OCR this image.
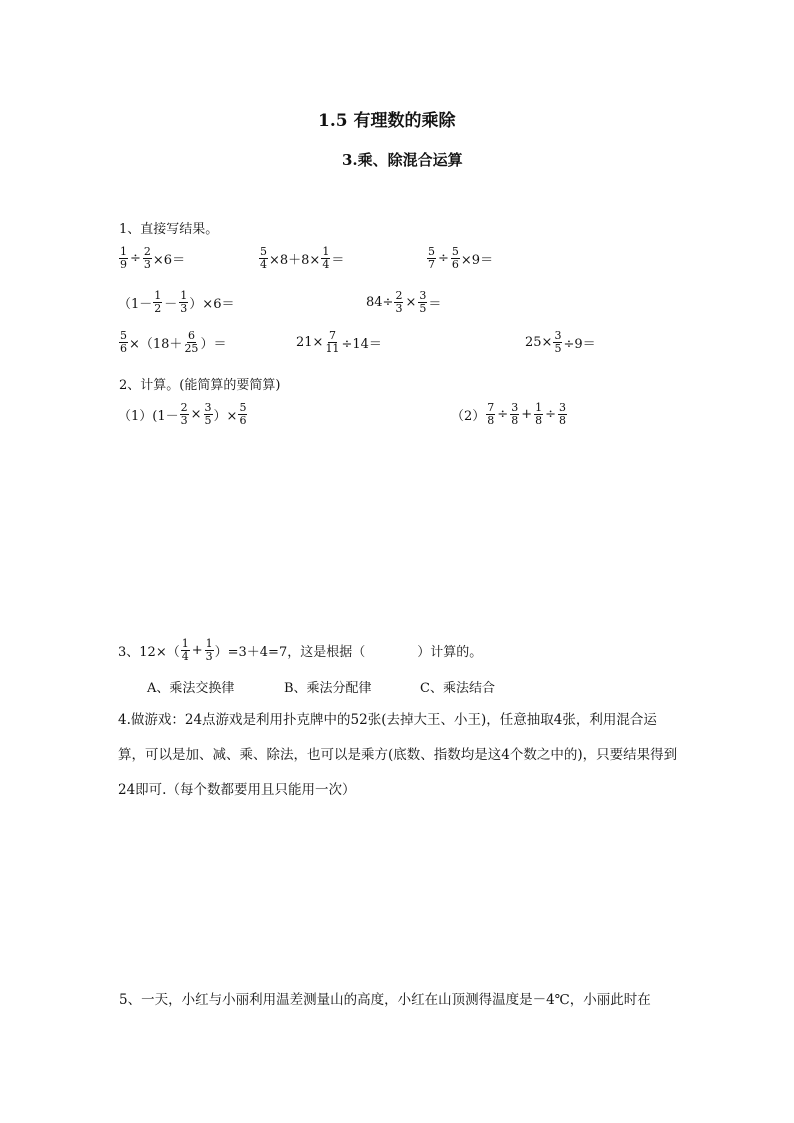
1.5 有理数的乘除
3.乘、除混合运算
1、直接写结果。
$\frac{1}{9} \div \frac{2}{3} \times 6=$	$\frac{5}{4} \times 8+8\times \frac{1}{4}$ ＝	$\frac{5}{7} \div \frac{5}{6} \times 9=$
$(1- \frac{1}{2} - \frac{1}{3} )\times 6=$	$84\div \frac{2}{3} \times \frac{3}{5}$ ＝
$\frac{5}{6} \times(18+ \frac{6}{25}$ ）＝	$21\times \frac{7}{11} \div 14=$	$25\times \frac{3}{5} \div 9=$
2、计算。(能简算的要简算)
$(1)(1- \frac{2}{3} \times \frac{3}{5}$ ）× $\frac{5}{6}$	$(2) \frac{7}{8} \div \frac{3}{8} + \frac{1}{8} \div \frac{3}{8}$
3、$12\times( \frac{1}{4} + \frac{1}{3} )=3+4=7$，这是根据（　　　　）计算的。
A、乘法交换律	B、乘法分配律	C、乘法结合
4.做游戏：24点游戏是利用扑克牌中的52张(去掉大王、小王)，任意抽取4张，利用混合运算，可以是加、减、乘、除法，也可以是乘方(底数、指数均是这4个数之中的)，只要结果得到24即可.（每个数都要用且只能用一次）
5、一天，小红与小丽利用温差测量山的高度，小红在山顶测得温度是－4℃，小丽此时在
